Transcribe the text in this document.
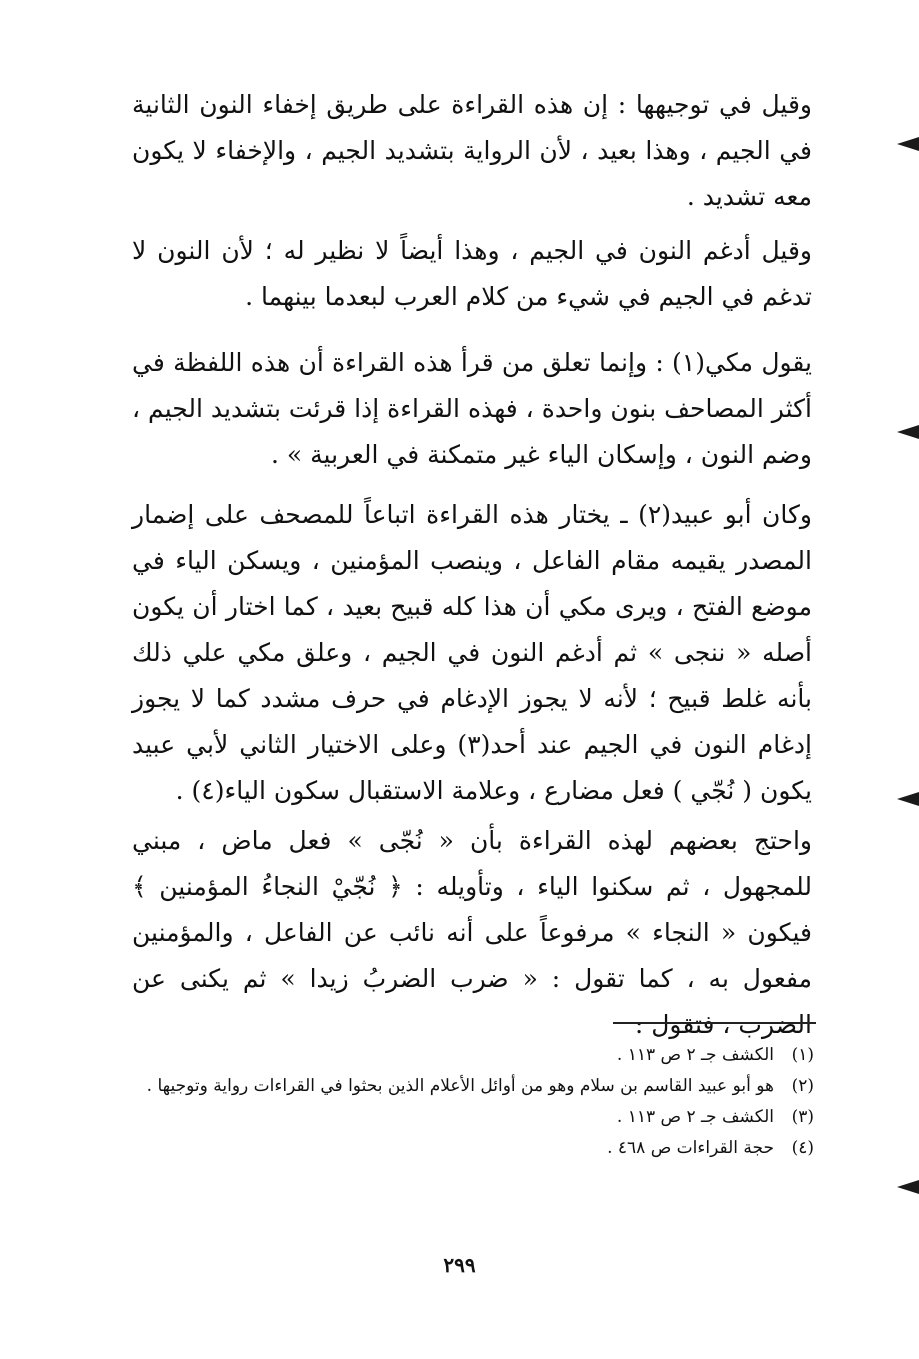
وقيل في توجيهها : إن هذه القراءة على طريق إخفاء النون الثانية في الجيم ، وهذا بعيد ، لأن الرواية بتشديد الجيم ، والإخفاء لا يكون معه تشديد .

وقيل أدغم النون في الجيم ، وهذا أيضاً لا نظير له ؛ لأن النون لا تدغم في الجيم في شيء من كلام العرب لبعدما بينهما .

يقول مكي(١) : وإنما تعلق من قرأ هذه القراءة أن هذه اللفظة في أكثر المصاحف بنون واحدة ، فهذه القراءة إذا قرئت بتشديد الجيم ، وضم النون ، وإسكان الياء غير متمكنة في العربية » .

وكان أبو عبيد(٢) ـ يختار هذه القراءة اتباعاً للمصحف على إضمار المصدر يقيمه مقام الفاعل ، وينصب المؤمنين ، ويسكن الياء في موضع الفتح ، ويرى مكي أن هذا كله قبيح بعيد ، كما اختار أن يكون أصله « ننجى » ثم أدغم النون في الجيم ، وعلق مكي علي ذلك بأنه غلط قبيح ؛ لأنه لا يجوز الإدغام في حرف مشدد كما لا يجوز إدغام النون في الجيم عند أحد(٣) وعلى الاختيار الثاني لأبي عبيد يكون ( نُجّي ) فعل مضارع ، وعلامة الاستقبال سكون الياء(٤) .

واحتج بعضهم لهذه القراءة بأن « نُجّى » فعل ماض ، مبني للمجهول ، ثم سكنوا الياء ، وتأويله : ﴿ نُجّيْ النجاءُ المؤمنين ﴾ فيكون « النجاء » مرفوعاً على أنه نائب عن الفاعل ، والمؤمنين مفعول به ، كما تقول : « ضرب الضربُ زيدا » ثم يكنى عن الضرب ، فتقول :

(١)
الكشف جـ ٢ ص ١١٣ .
(٢)
هو أبو عبيد القاسم بن سلام وهو من أوائل الأعلام الذين بحثوا في القراءات رواية وتوجيها .
(٣)
الكشف جـ ٢ ص ١١٣ .
(٤)
حجة القراءات ص ٤٦٨ .
٢٩٩
